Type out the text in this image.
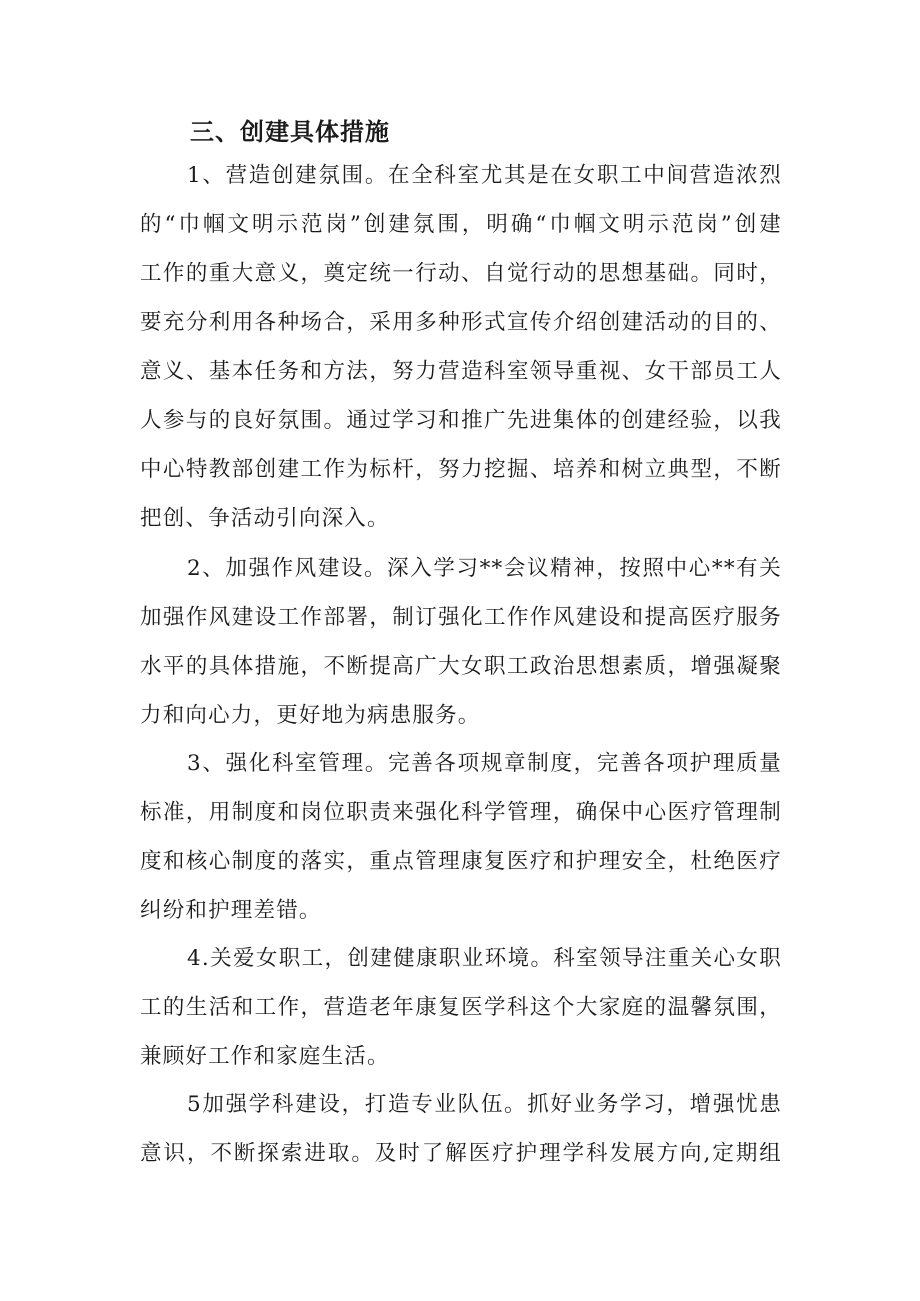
三、创建具体措施
1、营造创建氛围。在全科室尤其是在女职工中间营造浓烈
的“巾帼文明示范岗”创建氛围，明确“巾帼文明示范岗”创建
工作的重大意义，奠定统一行动、自觉行动的思想基础。同时，
要充分利用各种场合，采用多种形式宣传介绍创建活动的目的、
意义、基本任务和方法，努力营造科室领导重视、女干部员工人
人参与的良好氛围。通过学习和推广先进集体的创建经验，以我
中心特教部创建工作为标杆，努力挖掘、培养和树立典型，不断
把创、争活动引向深入。
2、加强作风建设。深入学习**会议精神，按照中心**有关
加强作风建设工作部署，制订强化工作作风建设和提高医疗服务
水平的具体措施，不断提高广大女职工政治思想素质，增强凝聚
力和向心力，更好地为病患服务。
3、强化科室管理。完善各项规章制度，完善各项护理质量
标准，用制度和岗位职责来强化科学管理，确保中心医疗管理制
度和核心制度的落实，重点管理康复医疗和护理安全，杜绝医疗
纠纷和护理差错。
4.关爱女职工，创建健康职业环境。科室领导注重关心女职
工的生活和工作，营造老年康复医学科这个大家庭的温馨氛围，
兼顾好工作和家庭生活。
5加强学科建设，打造专业队伍。抓好业务学习，增强忧患
意识，不断探索进取。及时了解医疗护理学科发展方向,定期组
